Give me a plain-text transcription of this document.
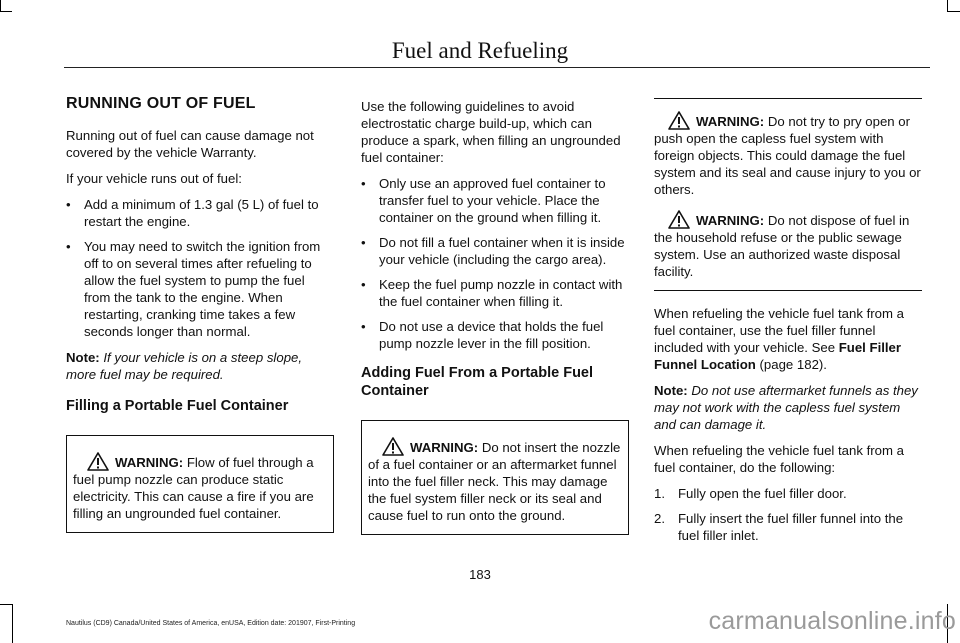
Fuel and Refueling
RUNNING OUT OF FUEL

Running out of fuel can cause damage not covered by the vehicle Warranty.

If your vehicle runs out of fuel:

• Add a minimum of 1.3 gal (5 L) of fuel to restart the engine.
• You may need to switch the ignition from off to on several times after refueling to allow the fuel system to pump the fuel from the tank to the engine. When restarting, cranking time takes a few seconds longer than normal.

Note: If your vehicle is on a steep slope, more fuel may be required.

Filling a Portable Fuel Container

WARNING: Flow of fuel through a fuel pump nozzle can produce static electricity. This can cause a fire if you are filling an ungrounded fuel container.

Use the following guidelines to avoid electrostatic charge build-up, which can produce a spark, when filling an ungrounded fuel container:

• Only use an approved fuel container to transfer fuel to your vehicle. Place the container on the ground when filling it.
• Do not fill a fuel container when it is inside your vehicle (including the cargo area).
• Keep the fuel pump nozzle in contact with the fuel container when filling it.
• Do not use a device that holds the fuel pump nozzle lever in the fill position.
Adding Fuel From a Portable Fuel Container

WARNING: Do not insert the nozzle of a fuel container or an aftermarket funnel into the fuel filler neck. This may damage the fuel system filler neck or its seal and cause fuel to run onto the ground.

WARNING: Do not try to pry open or push open the capless fuel system with foreign objects. This could damage the fuel system and its seal and cause injury to you or others.

WARNING: Do not dispose of fuel in the household refuse or the public sewage system. Use an authorized waste disposal facility.

When refueling the vehicle fuel tank from a fuel container, use the fuel filler funnel included with your vehicle. See Fuel Filler Funnel Location (page 182).

Note: Do not use aftermarket funnels as they may not work with the capless fuel system and can damage it.

When refueling the vehicle fuel tank from a fuel container, do the following:

1. Fully open the fuel filler door.
2. Fully insert the fuel filler funnel into the fuel filler inlet.
183
Nautilus (CD9) Canada/United States of America, enUSA, Edition date: 201907, First-Printing	carmanualsonline.info
